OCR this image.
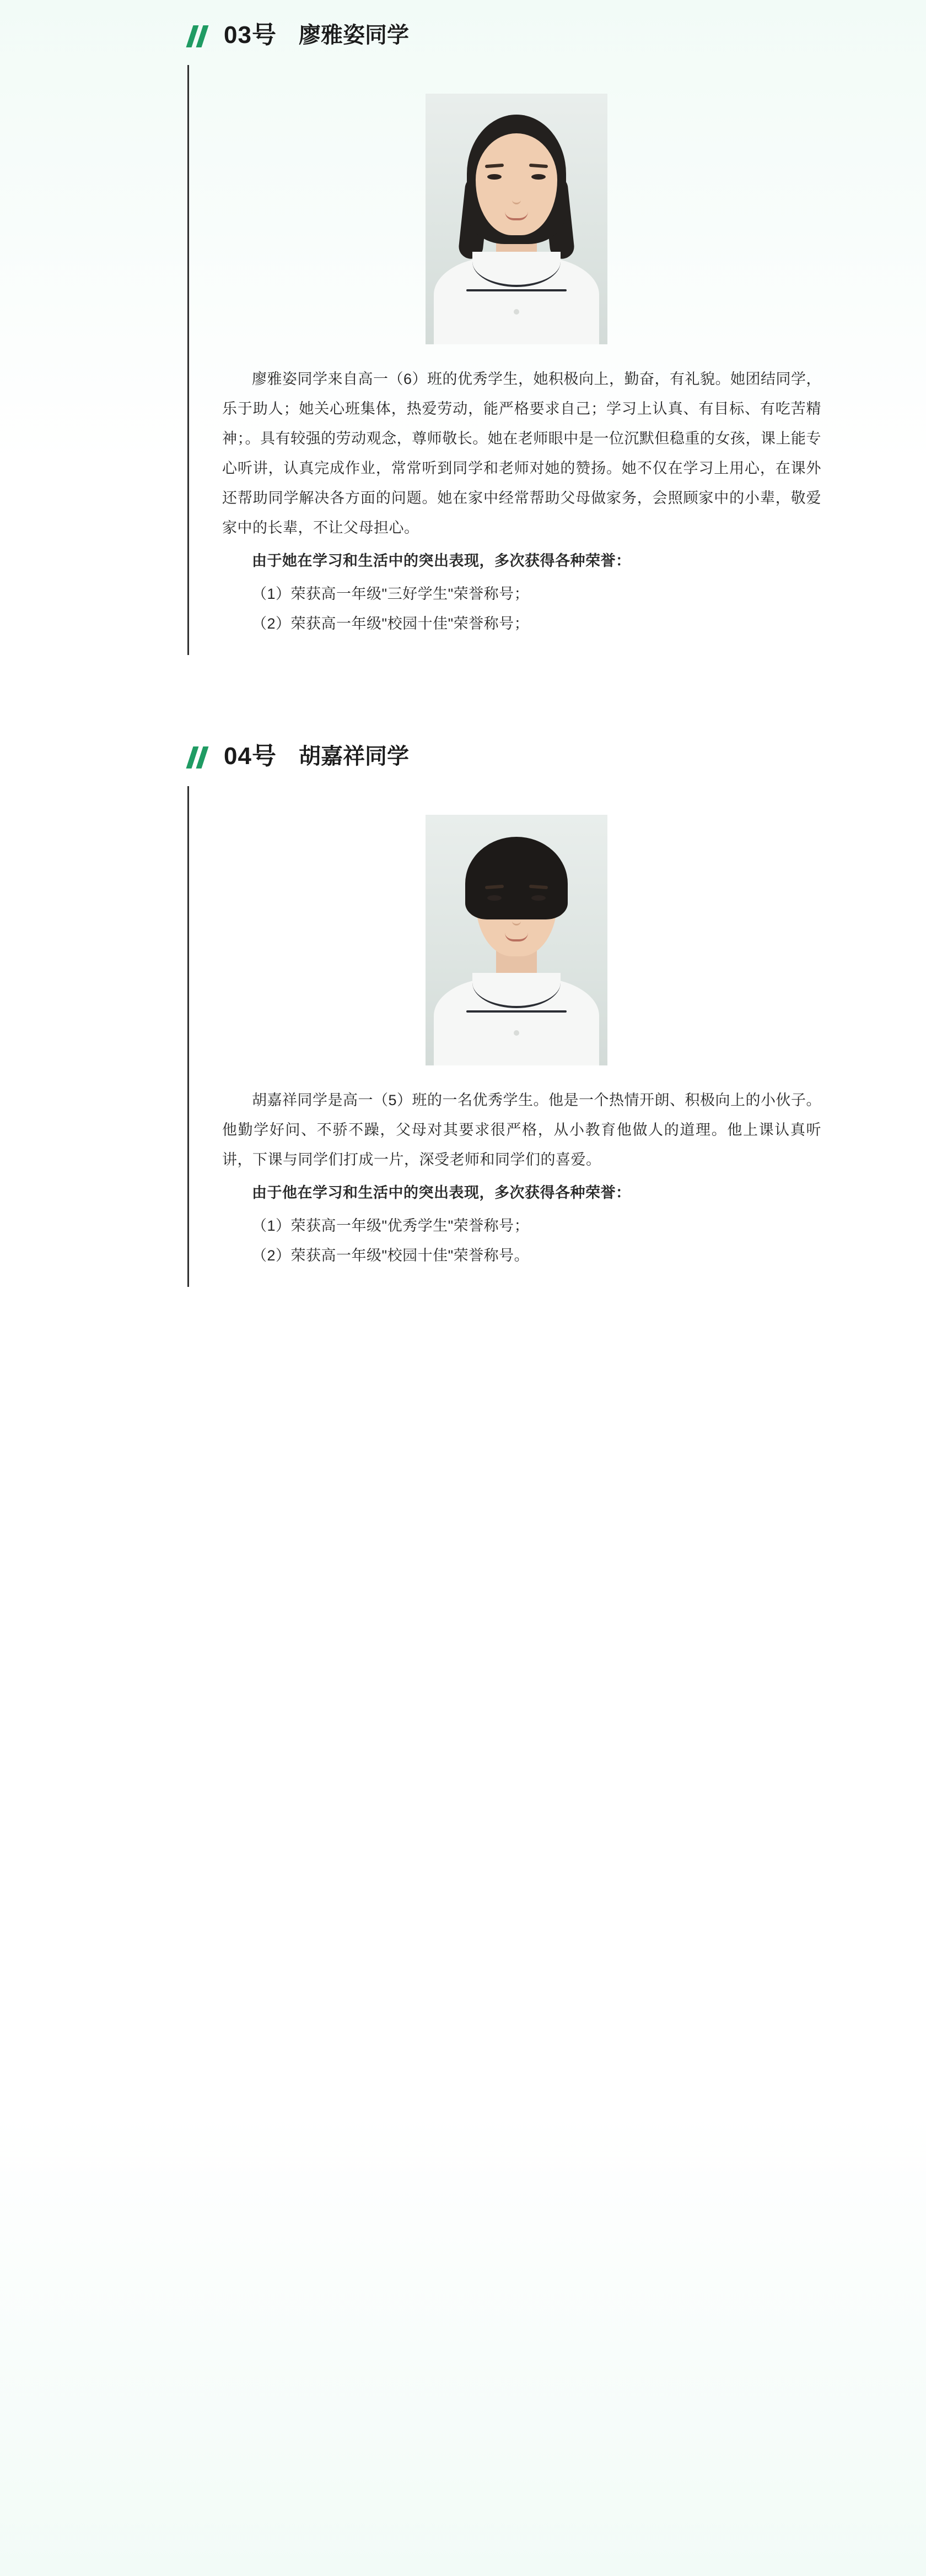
03号 廖雅姿同学

廖雅姿同学来自高一（6）班的优秀学生，她积极向上，勤奋，有礼貌。她团结同学，乐于助人；她关心班集体，热爱劳动，能严格要求自己；学习上认真、有目标、有吃苦精神；。具有较强的劳动观念，尊师敬长。她在老师眼中是一位沉默但稳重的女孩，课上能专心听讲，认真完成作业，常常听到同学和老师对她的赞扬。她不仅在学习上用心，在课外还帮助同学解决各方面的问题。她在家中经常帮助父母做家务，会照顾家中的小辈，敬爱家中的长辈，不让父母担心。

由于她在学习和生活中的突出表现，多次获得各种荣誉：

（1）荣获高一年级"三好学生"荣誉称号；

（2）荣获高一年级"校园十佳"荣誉称号；

04号 胡嘉祥同学

胡嘉祥同学是高一（5）班的一名优秀学生。他是一个热情开朗、积极向上的小伙子。他勤学好问、不骄不躁，父母对其要求很严格，从小教育他做人的道理。他上课认真听讲，下课与同学们打成一片，深受老师和同学们的喜爱。

由于他在学习和生活中的突出表现，多次获得各种荣誉：

（1）荣获高一年级"优秀学生"荣誉称号；

（2）荣获高一年级"校园十佳"荣誉称号。
